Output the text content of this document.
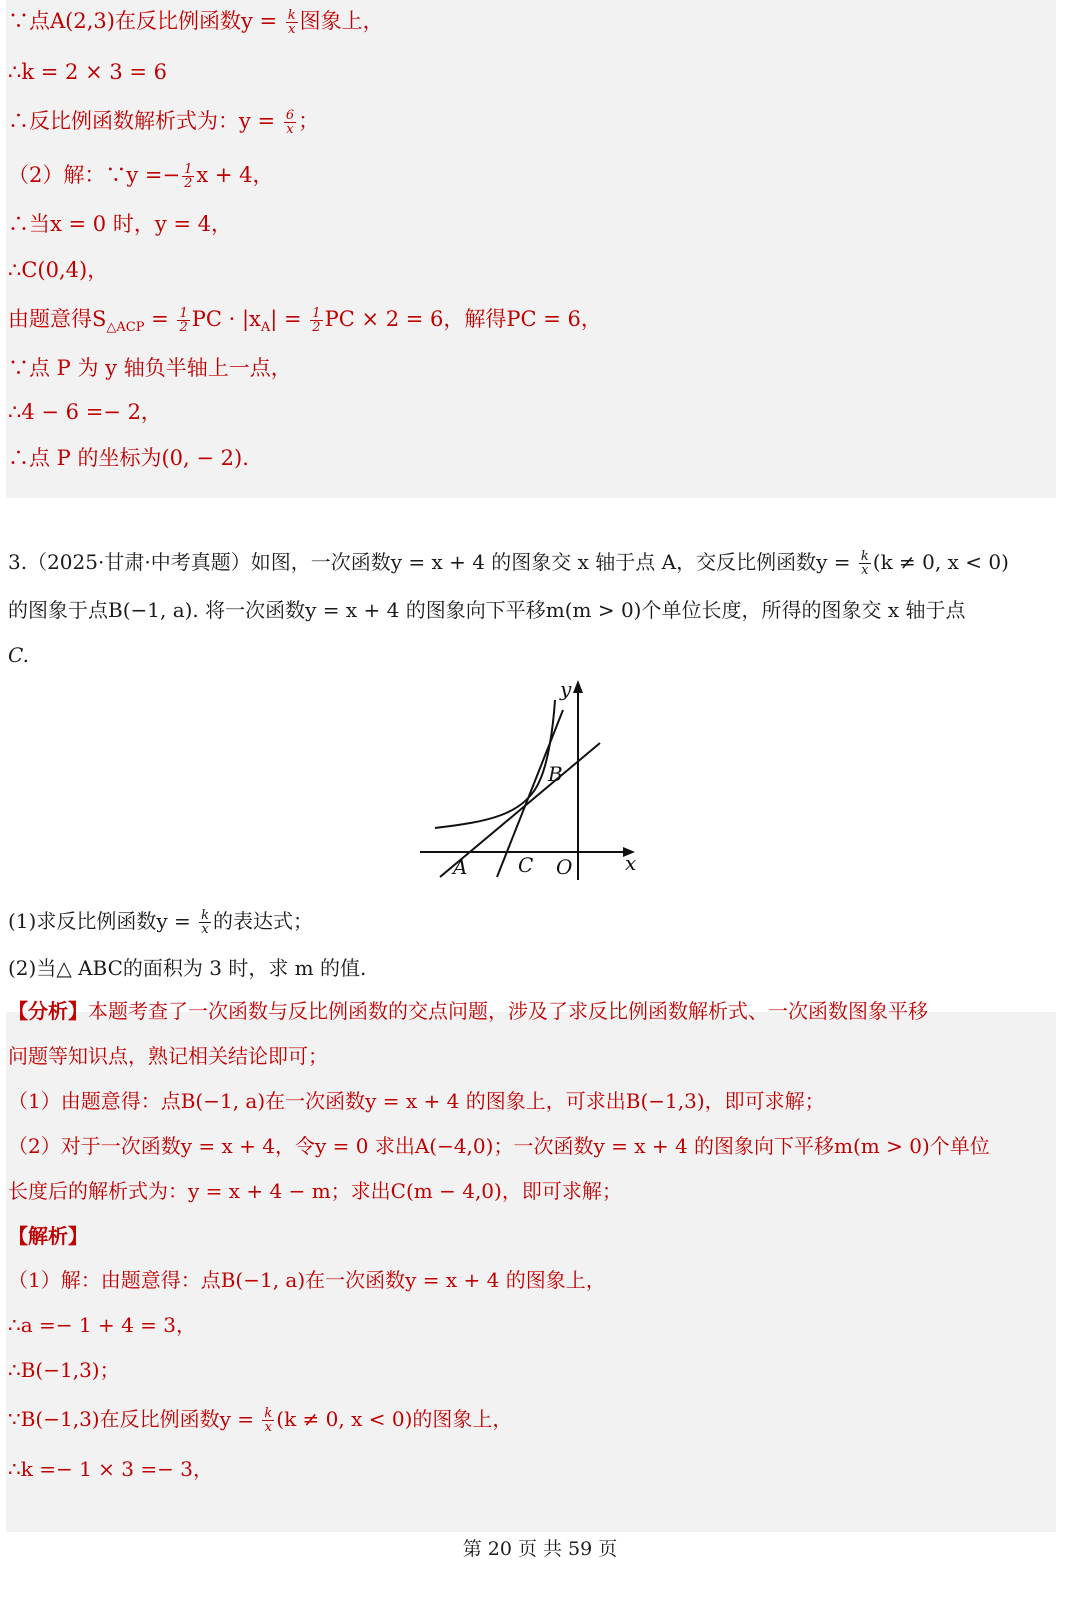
∵点A(2,3)在反比例函数$y = \frac{k}{x}$ 图象上，
∴k = 2 × 3 = 6
∴反比例函数解析式为：$y = \frac{6}{x}$ ；
（2）解：∵y =− $\frac{1}{2}$ x + 4，
∴当x = 0 时，y = 4，
∴C(0,4)，
由题意得$S_{\triangle ACP} = \frac{1}{2}$ PC · $|x_A| = \frac{1}{2}$ PC × 2 = 6，解得PC = 6，
∵点 P 为 y 轴负半轴上一点，
∴4 − 6 =− 2，
∴点 P 的坐标为(0, − 2).
3.（2025·甘肃·中考真题）如图，一次函数y = x + 4 的图象交 x 轴于点 A，交反比例函数$y = \frac{k}{x} (k \ne 0$, x < 0)
的图象于点B(−1, a). 将一次函数y = x + 4 的图象向下平移m(m > 0)个单位长度，所得的图象交 x 轴于点
C.
y
x
A
B
C O
(1)求反比例函数$y = \frac{k}{x}$ 的表达式；
(2)当△ ABC的面积为 3 时，求 m 的值.
【分析】本题考查了一次函数与反比例函数的交点问题，涉及了求反比例函数解析式、一次函数图象平移
问题等知识点，熟记相关结论即可；
（1）由题意得：点B(−1, a)在一次函数y = x + 4 的图象上，可求出B(−1,3)，即可求解；
（2）对于一次函数y = x + 4，令y = 0 求出A(−4,0)；一次函数y = x + 4 的图象向下平移m(m > 0)个单位
长度后的解析式为：y = x + 4 − m；求出C(m − 4,0)，即可求解；
【解析】
（1）解：由题意得：点B(−1, a)在一次函数y = x + 4 的图象上，
∴a =− 1 + 4 = 3，
∴B(−1,3)；
∵B(−1,3)在反比例函数$y = \frac{k}{x} (k \ne 0$, x < 0)的图象上，
∴k =− 1 × 3 =− 3，
第 20 页 共 59 页
